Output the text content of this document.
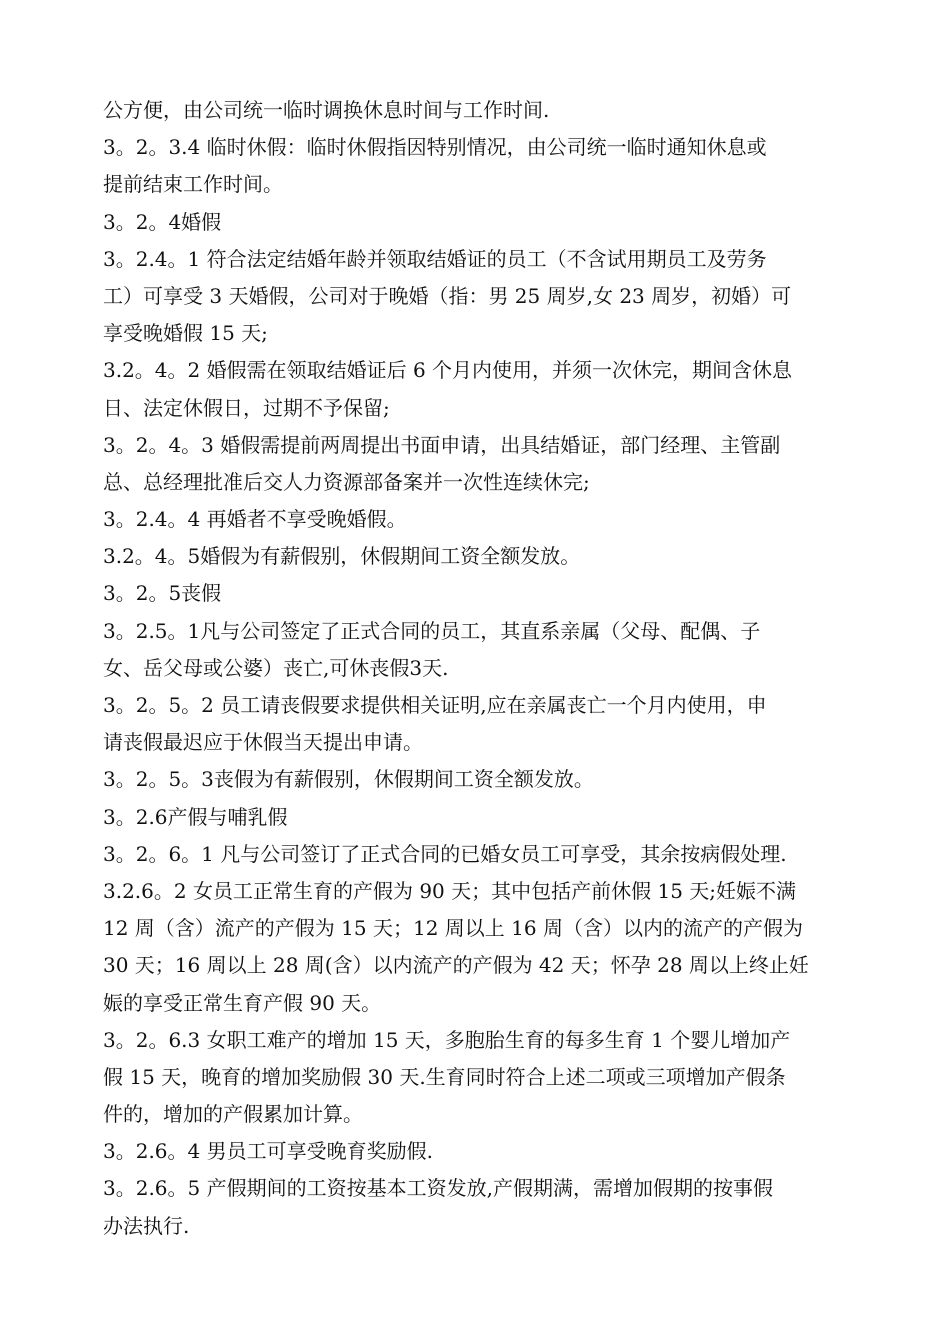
公方便，由公司统一临时调换休息时间与工作时间.
3。2。3.4 临时休假：临时休假指因特别情况，由公司统一临时通知休息或
提前结束工作时间。
3。2。4婚假
3。2.4。1 符合法定结婚年龄并领取结婚证的员工（不含试用期员工及劳务
工）可享受 3 天婚假，公司对于晚婚（指：男 25 周岁,女 23 周岁，初婚）可
享受晚婚假 15 天;
3.2。4。2 婚假需在领取结婚证后 6 个月内使用，并须一次休完，期间含休息
日、法定休假日，过期不予保留;
3。2。4。3 婚假需提前两周提出书面申请，出具结婚证，部门经理、主管副
总、总经理批准后交人力资源部备案并一次性连续休完;
3。2.4。4 再婚者不享受晚婚假。
3.2。4。5婚假为有薪假别，休假期间工资全额发放。
3。2。5丧假
3。2.5。1凡与公司签定了正式合同的员工，其直系亲属（父母、配偶、子
女、岳父母或公婆）丧亡,可休丧假3天.
3。2。5。2 员工请丧假要求提供相关证明,应在亲属丧亡一个月内使用，申
请丧假最迟应于休假当天提出申请。
3。2。5。3丧假为有薪假别，休假期间工资全额发放。
3。2.6产假与哺乳假
3。2。6。1 凡与公司签订了正式合同的已婚女员工可享受，其余按病假处理.
3.2.6。2 女员工正常生育的产假为 90 天；其中包括产前休假 15 天;妊娠不满
12 周（含）流产的产假为 15 天；12 周以上 16 周（含）以内的流产的产假为
30 天；16 周以上 28 周(含）以内流产的产假为 42 天；怀孕 28 周以上终止妊
娠的享受正常生育产假 90 天。
3。2。6.3 女职工难产的增加 15 天，多胞胎生育的每多生育 1 个婴儿增加产
假 15 天，晚育的增加奖励假 30 天.生育同时符合上述二项或三项增加产假条
件的，增加的产假累加计算。
3。2.6。4 男员工可享受晚育奖励假.
3。2.6。5 产假期间的工资按基本工资发放,产假期满，需增加假期的按事假
办法执行.
